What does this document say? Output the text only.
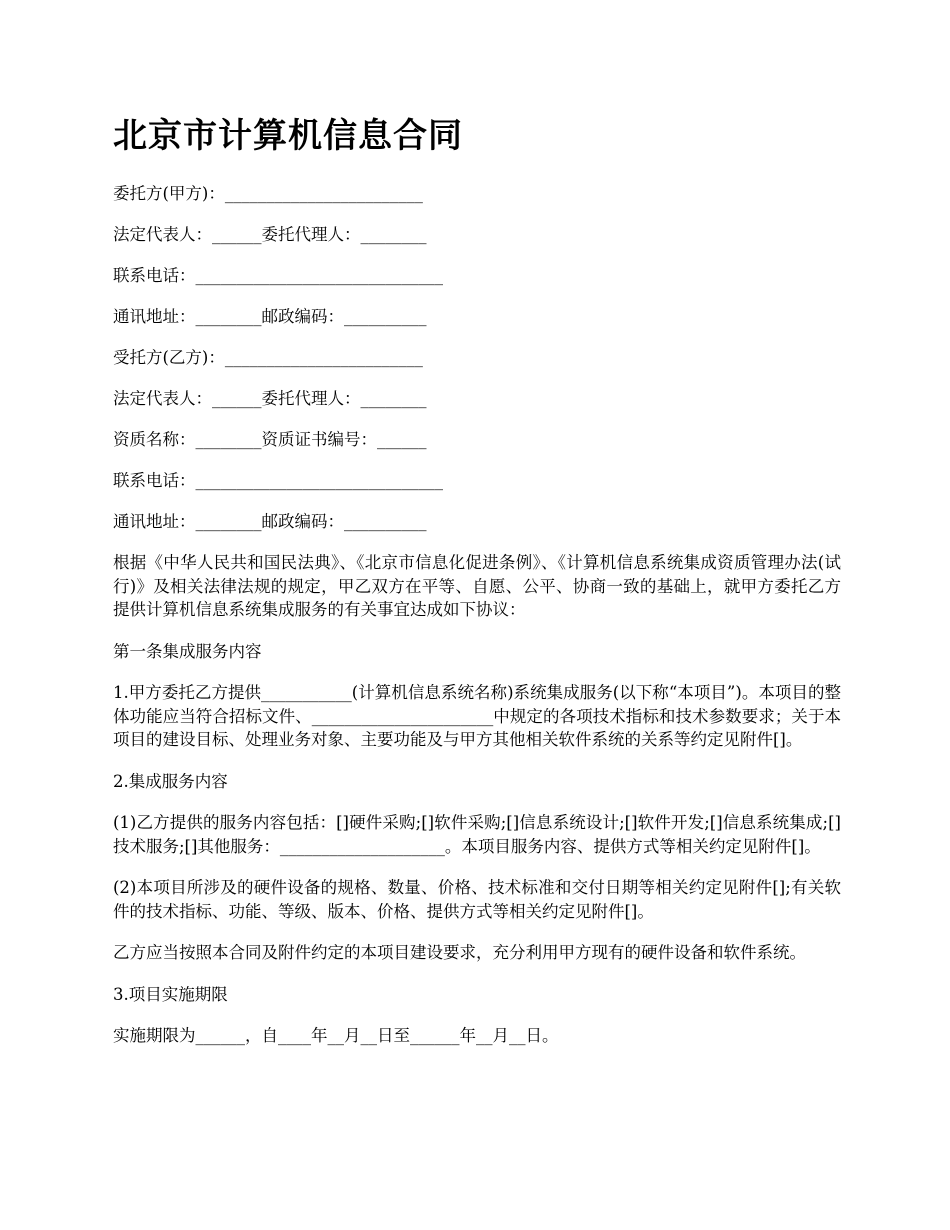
北京市计算机信息合同

委托方(甲方)：________________________

法定代表人：______委托代理人：________

联系电话：______________________________

通讯地址：________邮政编码：__________

受托方(乙方)：________________________

法定代表人：______委托代理人：________

资质名称：________资质证书编号：______

联系电话：______________________________

通讯地址：________邮政编码：__________

根据《中华人民共和国民法典》、《北京市信息化促进条例》、《计算机信息系统集成资质管理办法(试行)》及相关法律法规的规定，甲乙双方在平等、自愿、公平、协商一致的基础上，就甲方委托乙方提供计算机信息系统集成服务的有关事宜达成如下协议：

第一条集成服务内容

1.甲方委托乙方提供___________(计算机信息系统名称)系统集成服务(以下称“本项目”)。本项目的整体功能应当符合招标文件、______________________中规定的各项技术指标和技术参数要求；关于本项目的建设目标、处理业务对象、主要功能及与甲方其他相关软件系统的关系等约定见附件[]。

2.集成服务内容

(1)乙方提供的服务内容包括：[]硬件采购;[]软件采购;[]信息系统设计;[]软件开发;[]信息系统集成;[]技术服务;[]其他服务：____________________。本项目服务内容、提供方式等相关约定见附件[]。

(2)本项目所涉及的硬件设备的规格、数量、价格、技术标准和交付日期等相关约定见附件[];有关软件的技术指标、功能、等级、版本、价格、提供方式等相关约定见附件[]。

乙方应当按照本合同及附件约定的本项目建设要求，充分利用甲方现有的硬件设备和软件系统。

3.项目实施期限

实施期限为______，自____年__月__日至______年__月__日。
